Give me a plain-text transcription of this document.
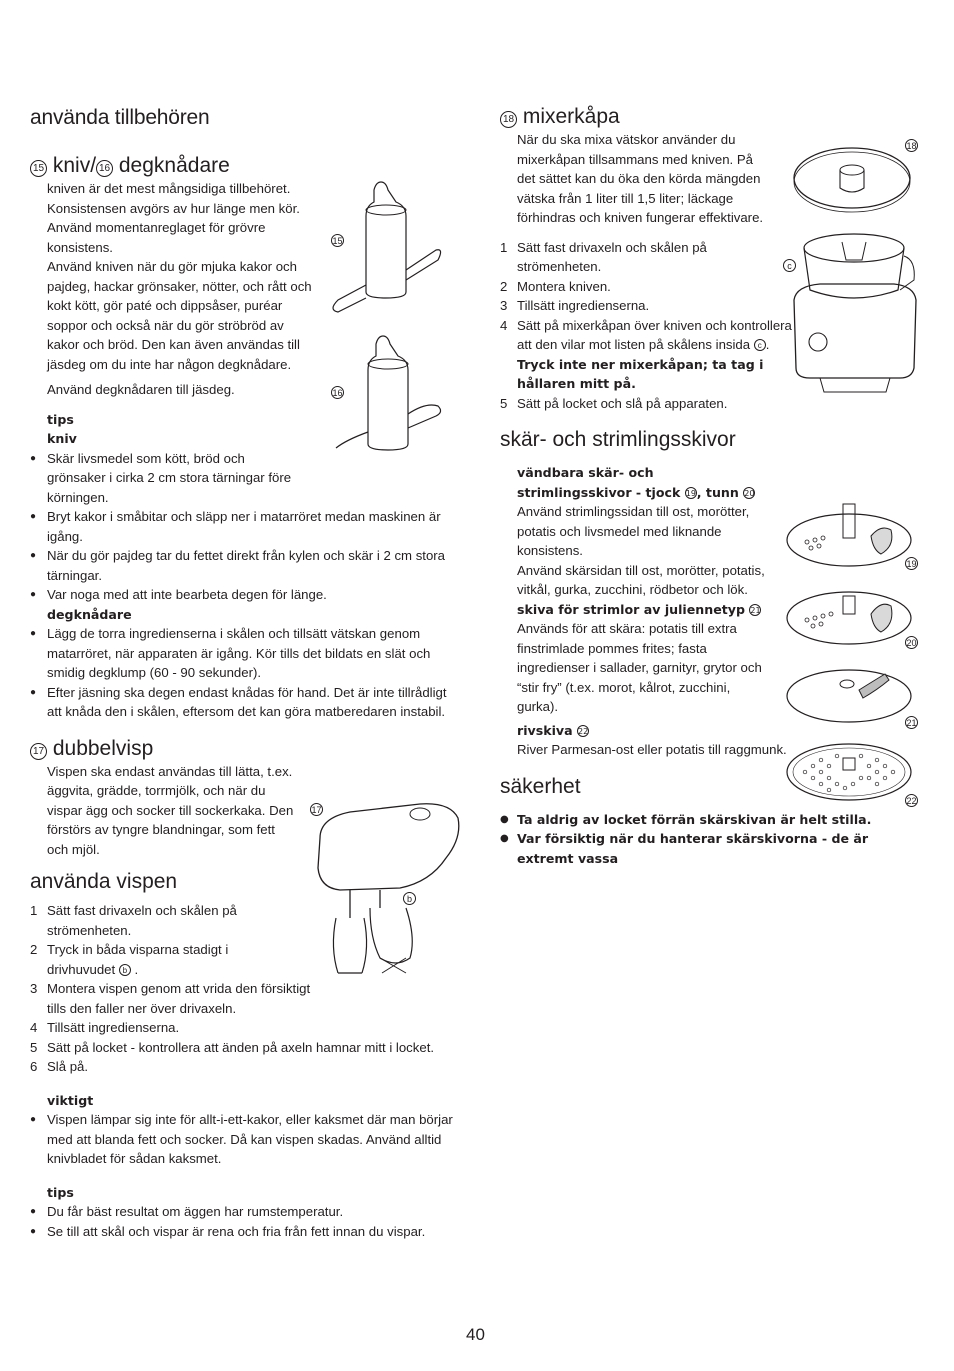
använda tillbehören
15 kniv/ 16 degknådare

kniven är det mest mångsidiga tillbehöret. Konsistensen avgörs av hur länge men kör. Använd momentanreglaget för grövre konsistens.

Använd kniven när du gör mjuka kakor och pajdeg, hackar grönsaker, nötter, och rått och kokt kött, gör paté och dippsåser, puréar soppor och också när du gör ströbröd av kakor och bröd. Den kan även användas till jäsdeg om du inte har någon degknådare.

Använd degknådaren till jäsdeg.

tips

kniv

● Skär livsmedel som kött, bröd och grönsaker i cirka 2 cm stora tärningar före körningen.
● Bryt kakor i småbitar och släpp ner i matarröret medan maskinen är igång.
● När du gör pajdeg tar du fettet direkt från kylen och skär i 2 cm stora tärningar.
● Var noga med att inte bearbeta degen för länge.

degknådare

● Lägg de torra ingredienserna i skålen och tillsätt vätskan genom matarröret, när apparaten är igång. Kör tills det bildats en slät och smidig degklump (60 - 90 sekunder).
● Efter jäsning ska degen endast knådas för hand. Det är inte tillrådligt att knåda den i skålen, eftersom det kan göra matberedaren instabil.
17 dubbelvisp

Vispen ska endast användas till lätta, t.ex. äggvita, grädde, torrmjölk, och när du vispar ägg och socker till sockerkaka. Den förstörs av tyngre blandningar, som fett och mjöl.

använda vispen
1 Sätt fast drivaxeln och skålen på strömenheten.
2 Tryck in båda visparna stadigt i drivhuvudet b .
3 Montera vispen genom att vrida den försiktigt tills den faller ner över drivaxeln.
4 Tillsätt ingredienserna.
5 Sätt på locket - kontrollera att änden på axeln hamnar mitt i locket.
6 Slå på.

viktigt

● Vispen lämpar sig inte för allt-i-ett-kakor, eller kaksmet där man börjar med att blanda fett och socker. Då kan vispen skadas. Använd alltid knivbladet för sådan kaksmet.

tips

● Du får bäst resultat om äggen har rumstemperatur.
● Se till att skål och vispar är rena och fria från fett innan du vispar.
18 mixerkåpa

När du ska mixa vätskor använder du mixerkåpan tillsammans med kniven. På det sättet kan du öka den körda mängden vätska från 1 liter till 1,5 liter; läckage förhindras och kniven fungerar effektivare.

1 Sätt fast drivaxeln och skålen på strömenheten.
2 Montera kniven.
3 Tillsätt ingredienserna.
4 Sätt på mixerkåpan över kniven och kontrollera att den vilar mot listen på skålens insida c . Tryck inte ner mixerkåpan; ta tag i hållaren mitt på.
5 Sätt på locket och slå på apparaten.
skär- och strimlingsskivor

vändbara skär- och strimlingsskivor - tjock 19, tunn 20

Använd strimlingssidan till ost, morötter, potatis och livsmedel med liknande konsistens.

Använd skärsidan till ost, morötter, potatis, vitkål, gurka, zucchini, rödbetor och lök.

skiva för strimlor av juliennetyp 21

Används för att skära: potatis till extra finstrimlade pommes frites; fasta ingredienser i sallader, garnityr, grytor och “stir fry” (t.ex. morot, kålrot, zucchini, gurka).

rivskiva 22

River Parmesan-ost eller potatis till raggmunk.

säkerhet
● Ta aldrig av locket förrän skärskivan är helt stilla.
● Var försiktig när du hanterar skärskivorna - de är extremt vassa
15
16
17
b
18
c
19
20
21
22
40
